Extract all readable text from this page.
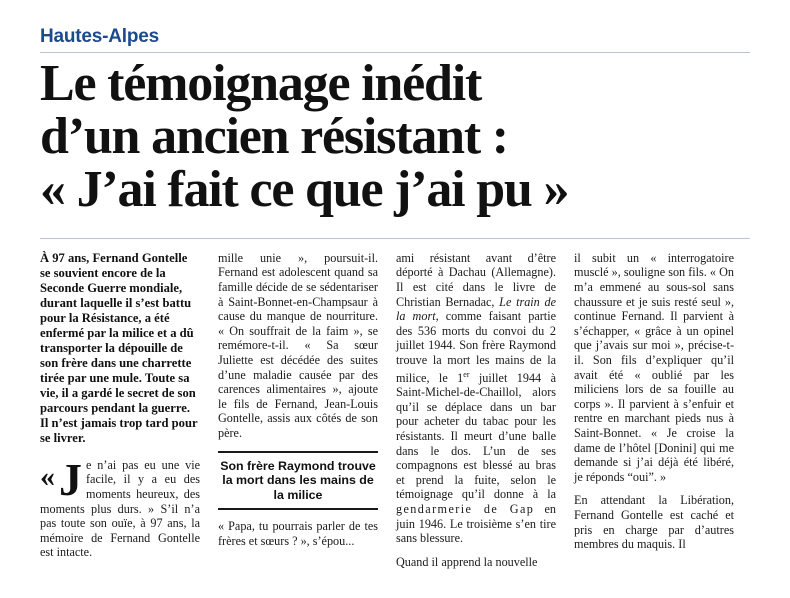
Hautes-Alpes
Le témoignage inédit
d’un ancien résistant :
« J’ai fait ce que j’ai pu »

À 97 ans, Fernand Gontelle se souvient encore de la Seconde Guerre mondiale, durant laquelle il s’est battu pour la Résistance, a été enfermé par la milice et a dû transporter la dépouille de son frère dans une charrette tirée par une mule. Toute sa vie, il a gardé le secret de son parcours pendant la guerre. Il n’est jamais trop tard pour se livrer.

« J e n’ai pas eu une vie facile, il y a eu des moments heureux, des moments plus durs. » S’il n’a pas toute son ouïe, à 97 ans, la mémoire de Fernand Gontelle est intacte.

mille unie », poursuit-il. Fernand est adolescent quand sa famille décide de se sédentariser à Saint-Bonnet-en-Champsaur à cause du manque de nourriture. « On souffrait de la faim », se remémore-t-il. « Sa sœur Juliette est décédée des suites d’une maladie causée par des carences alimentaires », ajoute le fils de Fernand, Jean-Louis Gontelle, assis aux côtés de son père.

Son frère Raymond trouve la mort dans les mains de la milice

« Papa, tu pourrais parler de tes frères et sœurs ? », s’épou...

ami résistant avant d’être déporté à Dachau (Allemagne). Il est cité dans le livre de Christian Bernadac, Le train de la mort, comme faisant partie des 536 morts du convoi du 2 juillet 1944. Son frère Raymond trouve la mort les mains de la milice, le 1er juillet 1944 à Saint-Michel-de-Chaillol, alors qu’il se déplace dans un bar pour acheter du tabac pour les résistants. Il meurt d’une balle dans le dos. L’un de ses compagnons est blessé au bras et prend la fuite, selon le témoignage qu’il donne à la gendarmerie de Gap en juin 1946. Le troisième s’en tire sans blessure.

Quand il apprend la nouvelle

il subit un « interrogatoire musclé », souligne son fils. « On m’a emmené au sous-sol sans chaussure et je suis resté seul », continue Fernand. Il parvient à s’échapper, « grâce à un opinel que j’avais sur moi », précise-t-il. Son fils d’expliquer qu’il avait été « oublié par les miliciens lors de sa fouille au corps ». Il parvient à s’enfuir et rentre en marchant pieds nus à Saint-Bonnet. « Je croise la dame de l’hôtel [Donini] qui me demande si j’ai déjà été libéré, je réponds “oui”. »

En attendant la Libération, Fernand Gontelle est caché et pris en charge par d’autres membres du maquis. Il
